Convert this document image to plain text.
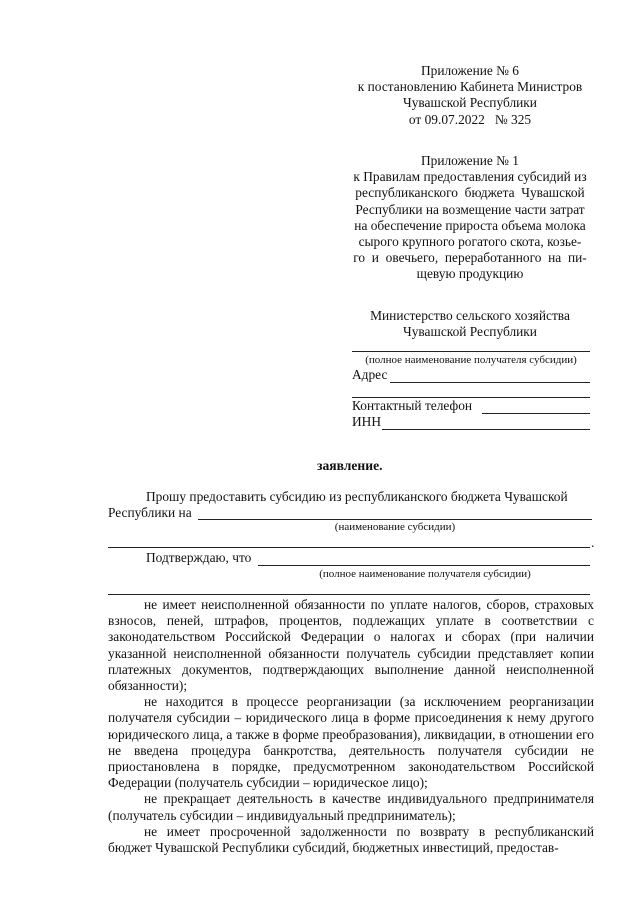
Приложение № 6
к постановлению Кабинета Министров
Чувашской Республики
от 09.07.2022   № 325
Приложение № 1
к Правилам предоставления субсидий из
республиканского  бюджета  Чувашской
Республики на возмещение части затрат
на обеспечение прироста объема молока
сырого крупного рогатого скота, козье-
го  и  овечьего,  переработанного  на  пи-
щевую продукцию
Министерство сельского хозяйства
Чувашской Республики
(полное наименование получателя субсидии)
Адрес
Контактный телефон
ИНН
заявление.
Прошу предоставить субсидию из республиканского бюджета Чувашской
Республики на
(наименование субсидии)
.
Подтверждаю, что
(полное наименование получателя субсидии)

не имеет неисполненной обязанности по уплате налогов, сборов, страховых взносов, пеней, штрафов, процентов, подлежащих уплате в соответствии с законодательством Российской Федерации о налогах и сборах (при наличии указанной неисполненной обязанности получатель субсидии представляет копии платежных документов, подтверждающих выполнение данной неисполненной обязанности);

не находится в процессе реорганизации (за исключением реорганизации получателя субсидии – юридического лица в форме присоединения к нему другого юридического лица, а также в форме преобразования), ликвидации, в отношении его не введена процедура банкротства, деятельность получателя субсидии не приостановлена в порядке, предусмотренном законодательством Российской Федерации (получатель субсидии – юридическое лицо);

не прекращает деятельность в качестве индивидуального предпринимателя (получатель субсидии – индивидуальный предприниматель);

не имеет просроченной задолженности по возврату в республиканский бюджет Чувашской Республики субсидий, бюджетных инвестиций, предостав-
